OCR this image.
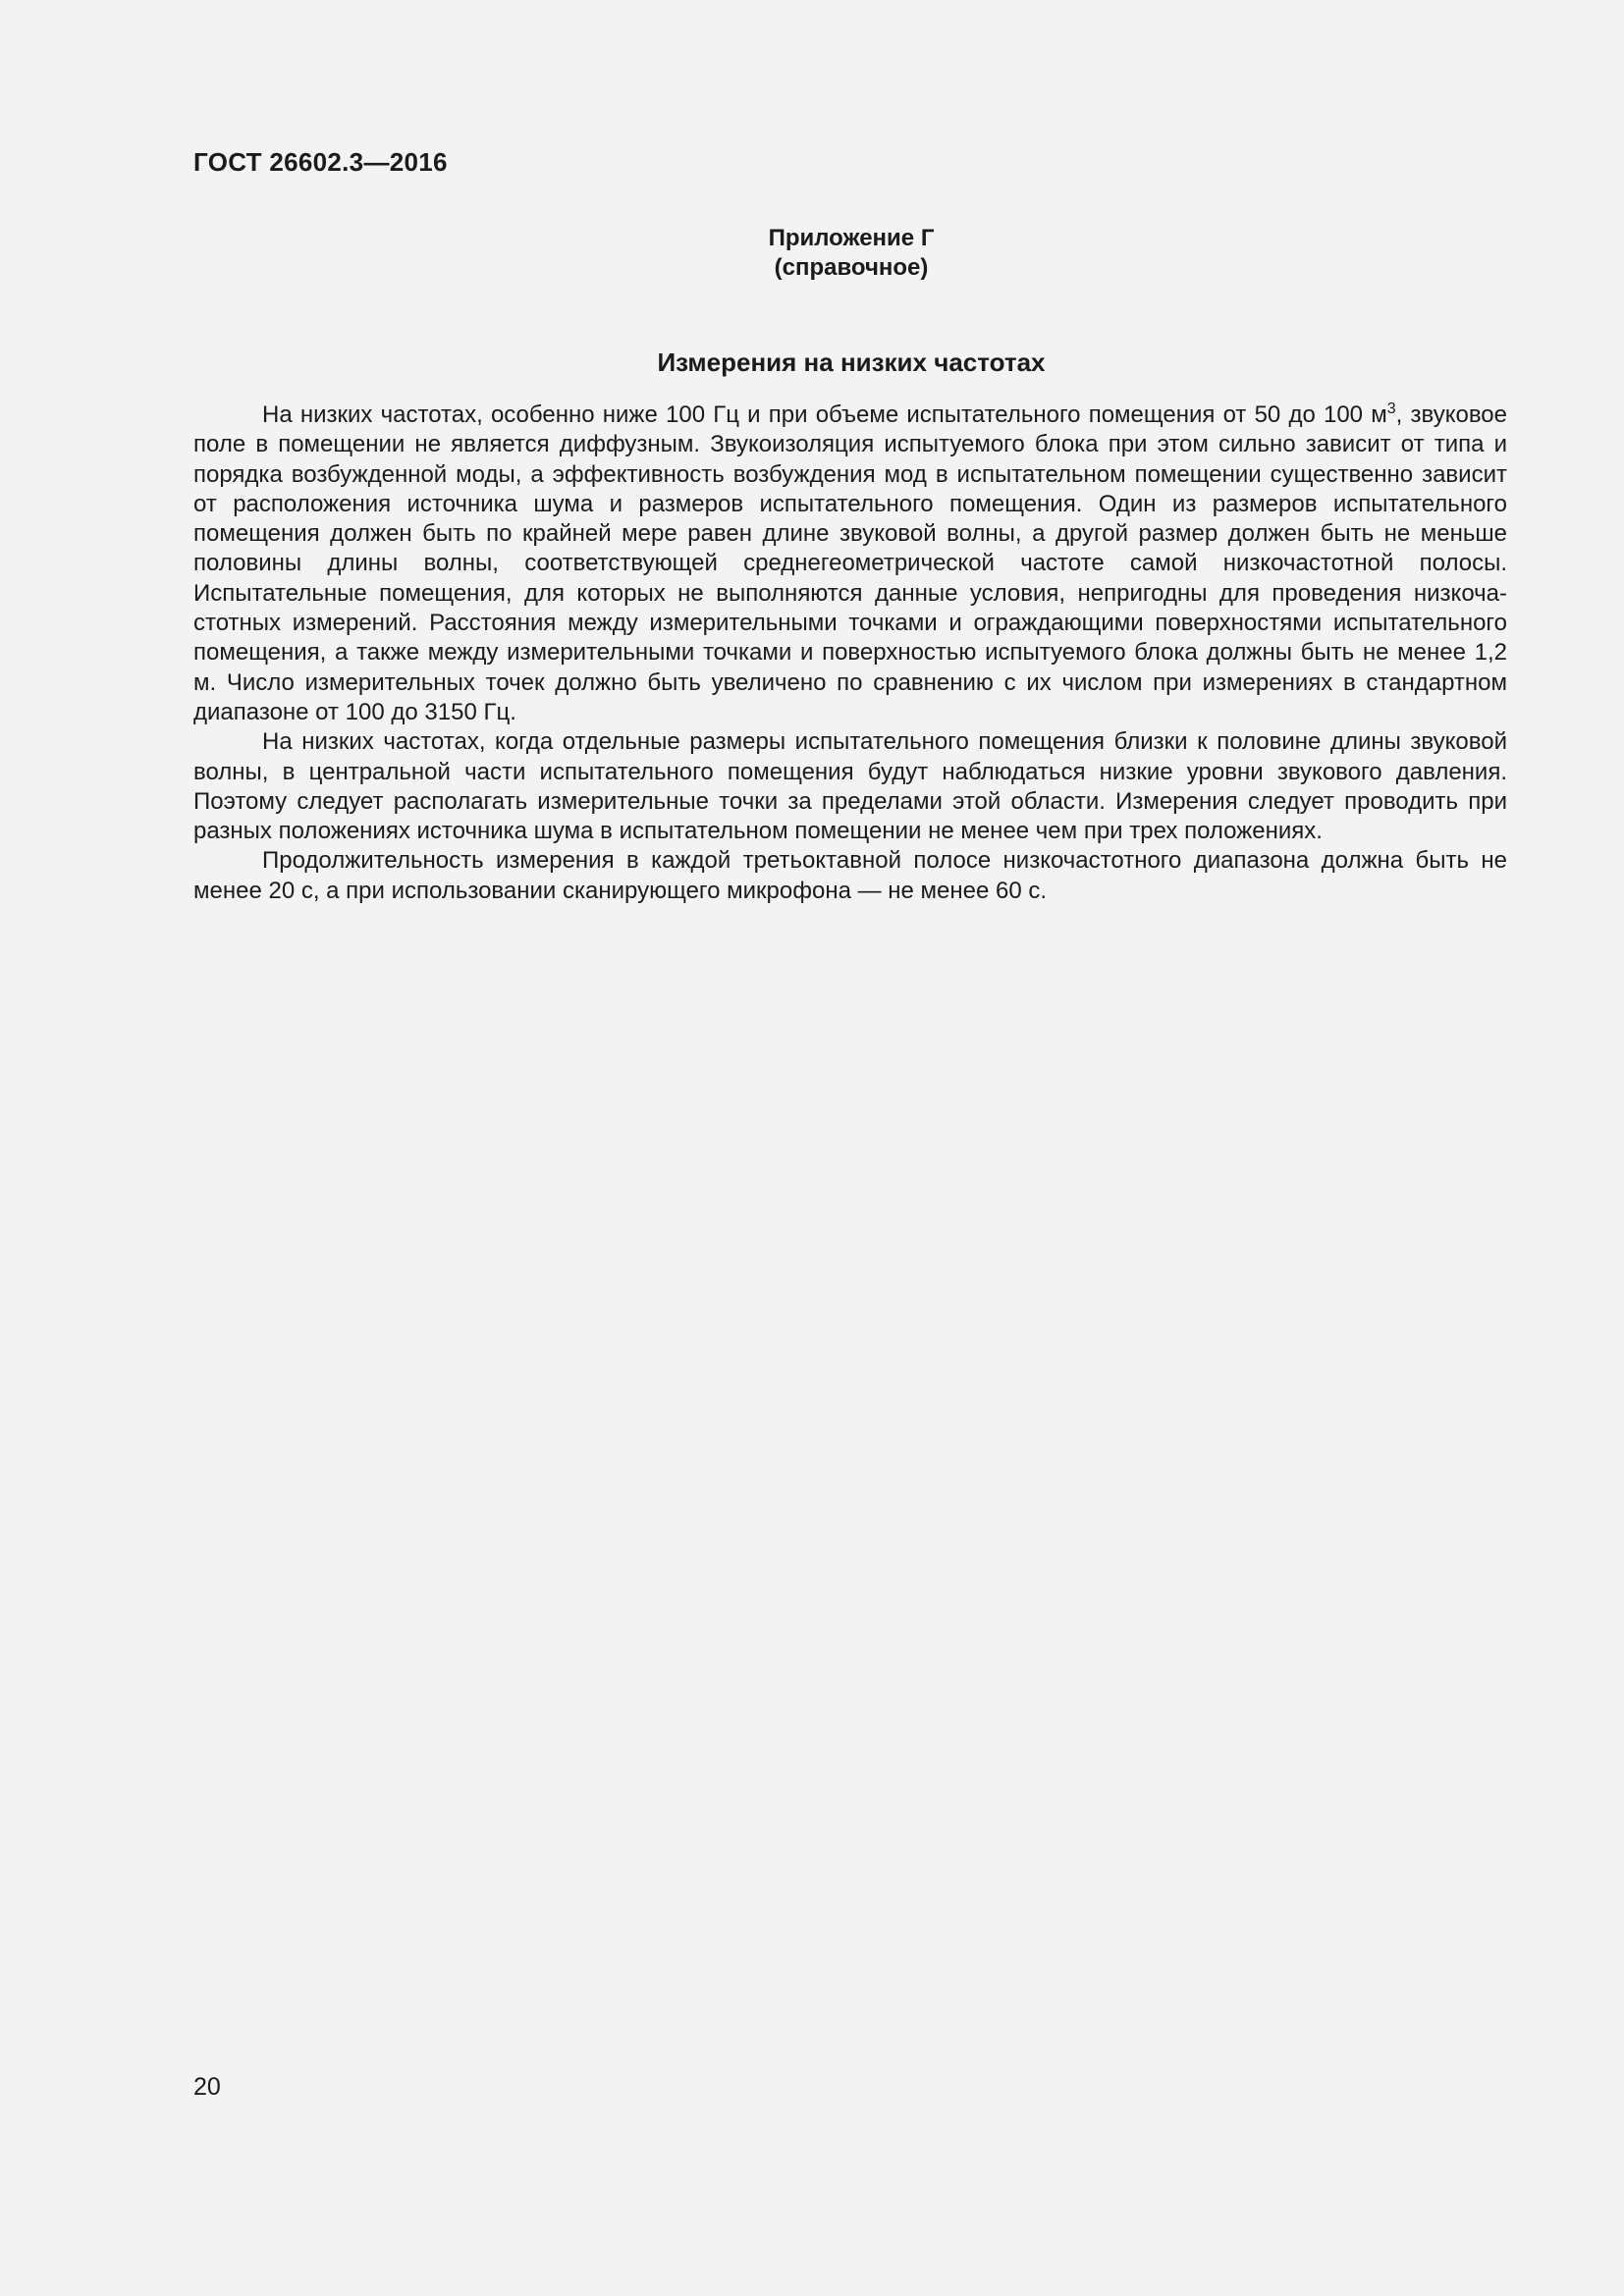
ГОСТ 26602.3—2016
Приложение Г
(справочное)
Измерения на низких частотах

На низких частотах, особенно ниже 100 Гц и при объеме испытательного помещения от 50 до 100 $м^3$, звуковое поле в помещении не является диффузным. Звукоизоляция испытуемого блока при этом сильно зависит от типа и порядка возбужденной моды, а эффективность возбуждения мод в испытательном помещении существенно зависит от расположения источника шума и размеров испытательного помещения. Один из размеров испытательного помещения должен быть по крайней мере равен длине звуковой волны, а другой размер должен быть не меньше половины длины волны, соответствующей среднегеометрической частоте самой низкочастотной полосы. Испытательные помещения, для которых не выполняются данные условия, непригодны для проведения низкочастотных измерений. Расстояния между измерительными точками и ограждающими поверхностями испытательного помещения, а также между измерительными точками и поверхностью испытуемого блока должны быть не менее 1,2 м. Число измерительных точек должно быть увеличено по сравнению с их числом при измерениях в стандартном диапазоне от 100 до 3150 Гц.

На низких частотах, когда отдельные размеры испытательного помещения близки к половине длины звуковой волны, в центральной части испытательного помещения будут наблюдаться низкие уровни звукового давления. Поэтому следует располагать измерительные точки за пределами этой области. Измерения следует проводить при разных положениях источника шума в испытательном помещении не менее чем при трех положениях.

Продолжительность измерения в каждой третьоктавной полосе низкочастотного диапазона должна быть не менее 20 с, а при использовании сканирующего микрофона — не менее 60 с.

20
